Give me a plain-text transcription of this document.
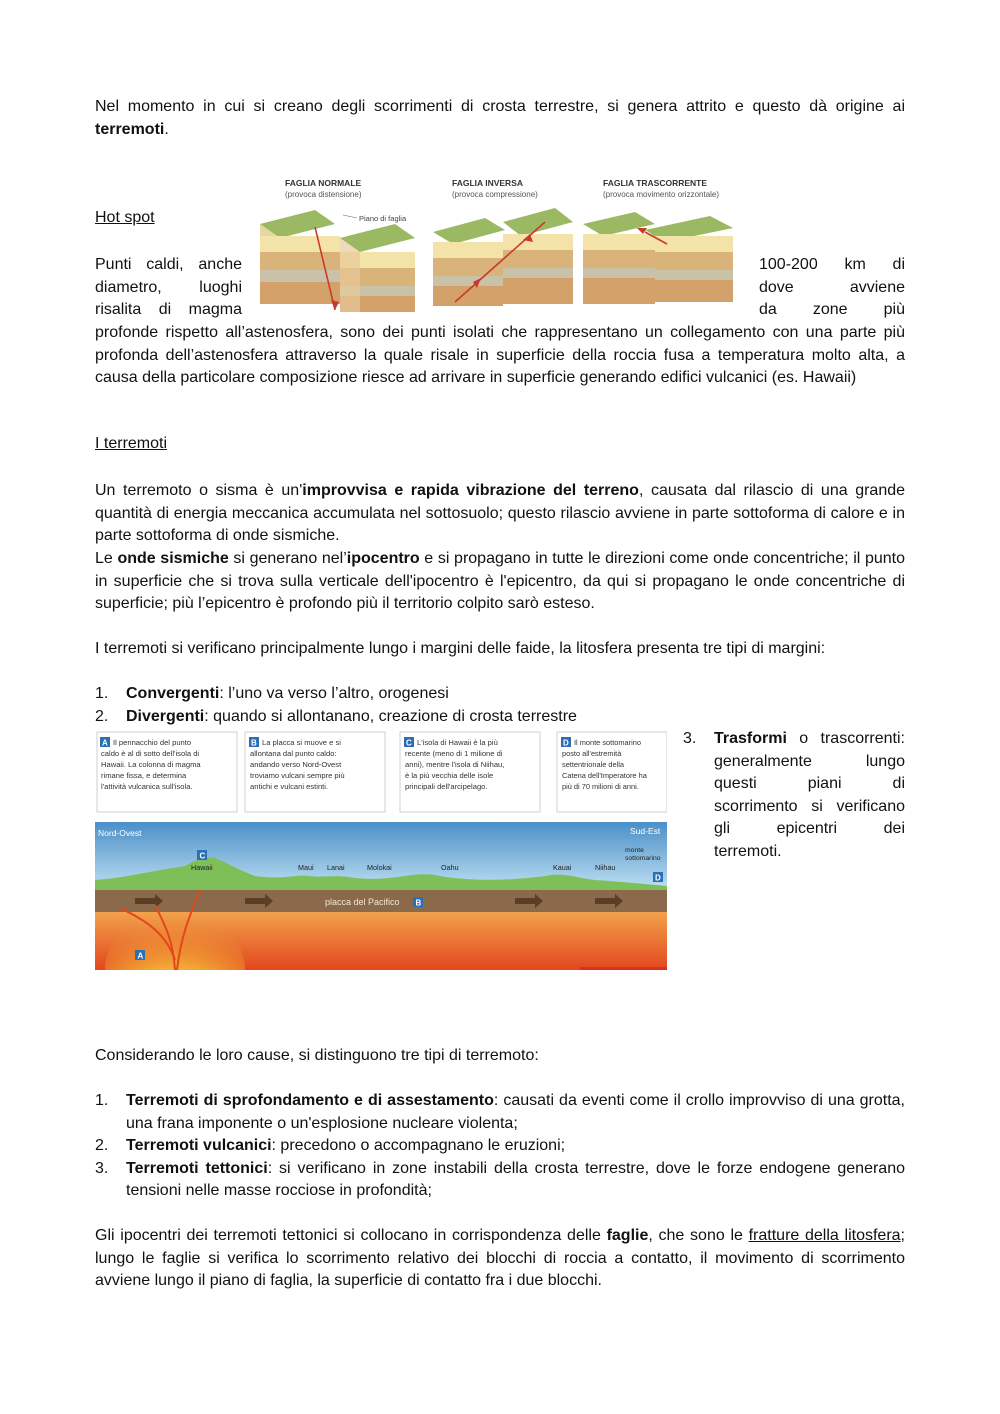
Nel momento in cui si creano degli scorrimenti di crosta terrestre, si genera attrito e questo dà origine ai terremoti.

Hot spot
FAGLIA NORMALE
(provoca distensione)
FAGLIA INVERSA
(provoca compressione)
FAGLIA TRASCORRENTE
(provoca movimento orizzontale)
Piano di faglia
Punti caldi, anche
diametro, luoghi
risalita di magma
100-200 km di
dove avviene
da zone più

profonde rispetto all’astenosfera, sono dei punti isolati che rappresentano un collegamento con una parte più profonda dell’astenosfera attraverso la quale risale in superficie della roccia fusa a temperatura molto alta, a causa della particolare composizione riesce ad arrivare in superficie generando edifici vulcanici (es. Hawaii)

I terremoti

Un terremoto o sisma è un'improvvisa e rapida vibrazione del terreno, causata dal rilascio di una grande quantità di energia meccanica accumulata nel sottosuolo; questo rilascio avviene in parte sottoforma di calore e in parte sottoforma di onde sismiche.

Le onde sismiche si generano nel’ipocentro e si propagano in tutte le direzioni come onde concentriche; il punto in superficie che si trova sulla verticale dell'ipocentro è l'epicentro, da qui si propagano le onde concentriche di superficie; più l’epicentro è profondo più il territorio colpito sarò esteso.

I terremoti si verificano principalmente lungo i margini delle faide, la litosfera presenta tre tipi di margini:

1. Convergenti: l’uno va verso l’altro, orogenesi
2. Divergenti: quando si allontanano, creazione di crosta terrestre
3. Trasformi o trascorrenti:
generalmente lungo
questi piani di
scorrimento si verificano
gli epicentri dei
terremoti.
A Il pennacchio del punto caldo è al di sotto dell'isola di Hawaii. La colonna di magma rimane fissa, e determina l'attività vulcanica sull'isola.
B La placca si muove e si allontana dal punto caldo: andando verso Nord-Ovest troviamo vulcani sempre più antichi e vulcani estinti.
C L'isola di Hawaii è la più recente (meno di 1 milione di anni), mentre l'isola di Niihau, è la più vecchia delle isole principali dell'arcipelago.
D Il monte sottomarino posto all'estremità settentrionale della Catena dell'Imperatore ha più di 70 milioni di anni.
Nord-Ovest	Sud-Est
Hawaii	Maui Lanai	Molokai	Oahu	Kauai	Niihau
monte sottomarino
C
D
placca del Pacifico B
A

Considerando le loro cause, si distinguono tre tipi di terremoto:

1. Terremoti di sprofondamento e di assestamento: causati da eventi come il crollo improvviso di una grotta, una frana imponente o un'esplosione nucleare violenta;
2. Terremoti vulcanici: precedono o accompagnano le eruzioni;
3. Terremoti tettonici: si verificano in zone instabili della crosta terrestre, dove le forze endogene generano tensioni nelle masse rocciose in profondità;

Gli ipocentri dei terremoti tettonici si collocano in corrispondenza delle faglie, che sono le fratture della litosfera; lungo le faglie si verifica lo scorrimento relativo dei blocchi di roccia a contatto, il movimento di scorrimento avviene lungo il piano di faglia, la superficie di contatto fra i due blocchi.
